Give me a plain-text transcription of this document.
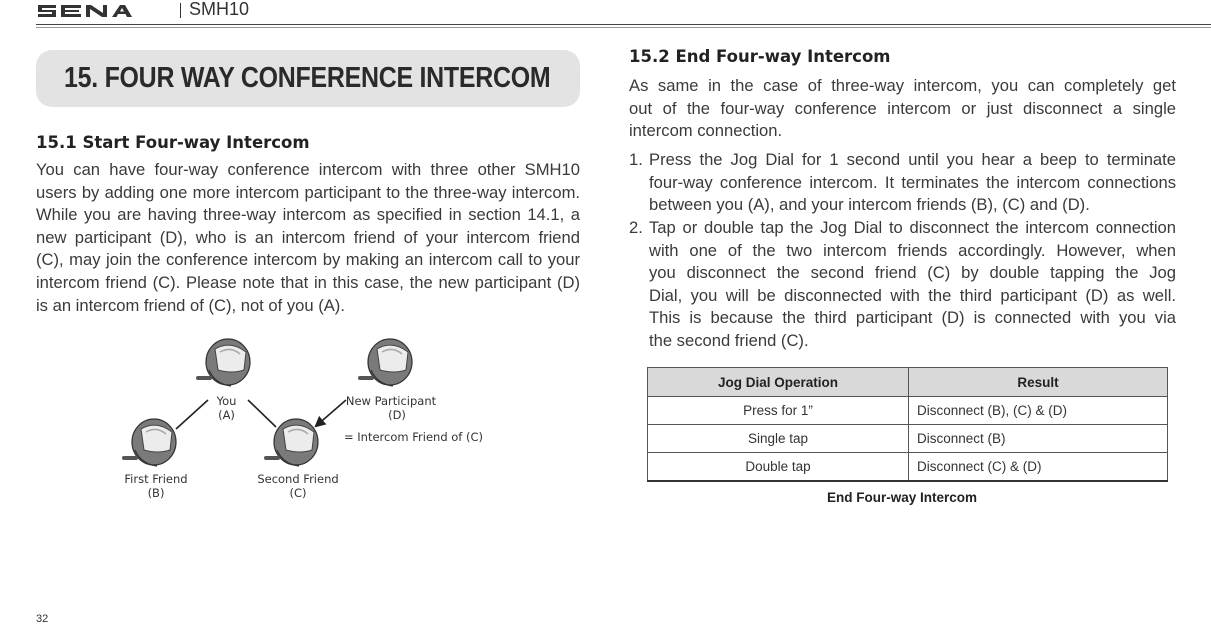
SMH10
15. FOUR WAY CONFERENCE INTERCOM
15.1 Start Four-way Intercom
You can have four-way conference intercom with three other SMH10
users by adding one more intercom participant to the three-way intercom.
While you are having three-way intercom as specified in section 14.1, a
new participant (D), who is an intercom friend of your intercom friend
(C), may join the conference intercom by making an intercom call to your
intercom friend (C). Please note that in this case, the new participant (D)
is an intercom friend of (C), not of you (A).
You
(A)
New Participant
(D)
= Intercom Friend of (C)
First Friend
(B)
Second Friend
(C)
15.2 End Four-way Intercom
As same in the case of three-way intercom, you can completely get
out of the four-way conference intercom or just disconnect a single
intercom connection.
1. Press the Jog Dial for 1 second until you hear a beep to terminate
four-way conference intercom. It terminates the intercom connections
between you (A), and your intercom friends (B), (C) and (D).
2. Tap or double tap the Jog Dial to disconnect the intercom connection
with one of the two intercom friends accordingly. However, when
you disconnect the second friend (C) by double tapping the Jog
Dial, you will be disconnected with the third participant (D) as well.
This is because the third participant (D) is connected with you via
the second friend (C).
Jog Dial Operation	Result
Press for 1”	Disconnect (B), (C) & (D)
Single tap	Disconnect (B)
Double tap	Disconnect (C) & (D)
End Four-way Intercom
32
